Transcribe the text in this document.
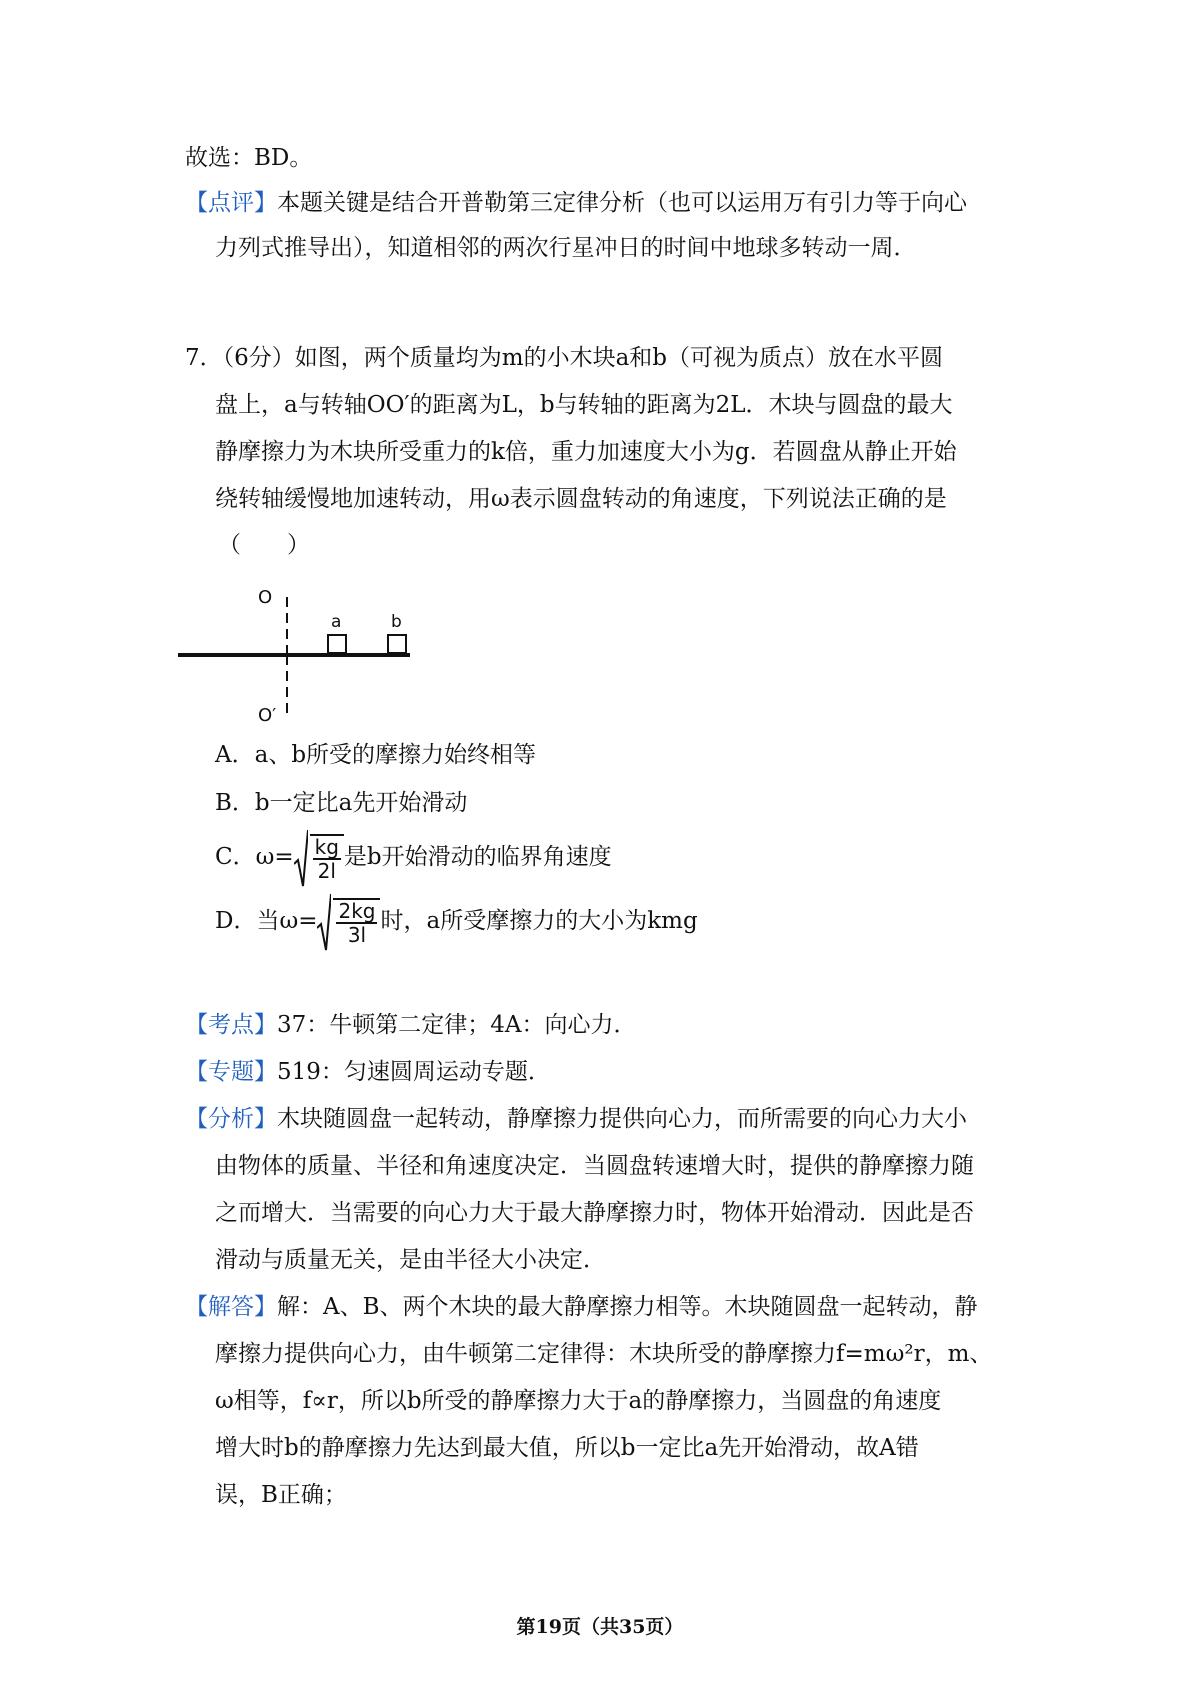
故选：BD。
【点评】本题关键是结合开普勒第三定律分析（也可以运用万有引力等于向心
力列式推导出），知道相邻的两次行星冲日的时间中地球多转动一周．
7．（6分）如图，两个质量均为m的小木块a和b（可视为质点）放在水平圆
盘上，a与转轴OO′的距离为L，b与转轴的距离为2L．木块与圆盘的最大
静摩擦力为木块所受重力的k倍，重力加速度大小为g．若圆盘从静止开始
绕转轴缓慢地加速转动，用ω表示圆盘转动的角速度，下列说法正确的是
（　　）
O
O′
a	b
A．a、b所受的摩擦力始终相等
B．b一定比a先开始滑动
C．$\omega= \frac{kg}{2l}$ 是b开始滑动的临界角速度
D．当$\omega= \frac{2kg}{3l}$ 时，a所受摩擦力的大小为kmg
【考点】37：牛顿第二定律；4A：向心力．
【专题】519：匀速圆周运动专题．
【分析】木块随圆盘一起转动，静摩擦力提供向心力，而所需要的向心力大小
由物体的质量、半径和角速度决定．当圆盘转速增大时，提供的静摩擦力随
之而增大．当需要的向心力大于最大静摩擦力时，物体开始滑动．因此是否
滑动与质量无关，是由半径大小决定．
【解答】解：A、B、两个木块的最大静摩擦力相等。木块随圆盘一起转动，静
摩擦力提供向心力，由牛顿第二定律得：木块所受的静摩擦力f=mω²r，m、
ω相等，f∝r，所以b所受的静摩擦力大于a的静摩擦力，当圆盘的角速度
增大时b的静摩擦力先达到最大值，所以b一定比a先开始滑动，故A错
误，B正确；
第19页（共35页）
